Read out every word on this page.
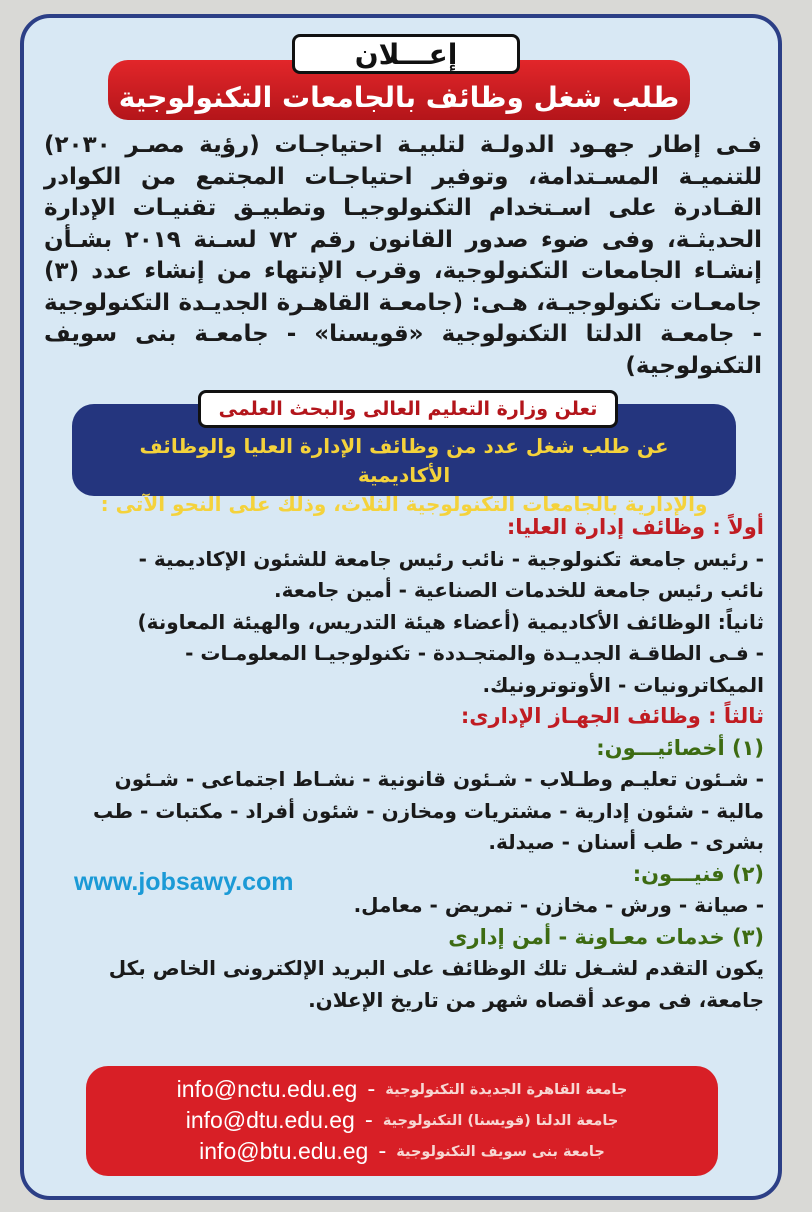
طلب شغل وظائف بالجامعات التكنولوجية
إعـــلان
فـى إطار جهـود الدولـة لتلبيـة احتياجـات (رؤية مصـر ٢٠٣٠) للتنميـة المسـتدامة، وتوفير احتياجـات المجتمع من الكوادر القـادرة على اسـتخدام التكنولوجيـا وتطبيـق تقنيـات الإدارة الحديثـة، وفى ضوء صدور القانون رقم ٧٢ لسـنة ٢٠١٩ بشـأن إنشـاء الجامعات التكنولوجية، وقرب الإنتهاء من إنشاء عدد (٣) جامعـات تكنولوجيـة، هـى: (جامعـة القاهـرة الجديـدة التكنولوجية - جامعـة الدلتا التكنولوجية «قويسنا» - جامعـة بنى سويف التكنولوجية)
عن طلب شغل عدد من وظائف الإدارة العليا والوظائف الأكاديمية
والإدارية بالجامعات التكنولوجية الثلاث، وذلك على النحو الآتى :
تعلن وزارة التعليم العالى والبحث العلمى
أولاً : وظائف إدارة العليا:
- رئيس جامعة تكنولوجية - نائب رئيس جامعة للشئون الإكاديمية -
نائب رئيس جامعة للخدمات الصناعية - أمين جامعة.
ثانياً: الوظائف الأكاديمية (أعضاء هيئة التدريس، والهيئة المعاونة)
- فـى الطاقـة الجديـدة والمتجـددة - تكنولوجيـا المعلومـات -
الميكاترونيات - الأوتوترونيك.
ثالثاً : وظائف الجهـاز الإدارى:
(١) أخصائيـــون:
- شـئون تعليـم وطـلاب - شـئون قانونية - نشـاط اجتماعى - شـئون
مالية - شئون إدارية - مشتريات ومخازن - شئون أفراد - مكتبات - طب
بشرى - طب أسنان - صيدلة.
(٢) فنيـــون:
- صيانة - ورش - مخازن - تمريض - معامل.
(٣) خدمات معـاونة - أمن إدارى
يكون التقدم لشـغل تلك الوظائف على البريد الإلكترونى الخاص بكل
جامعة، فى موعد أقصاه شهر من تاريخ الإعلان.
www.jobsawy.com
info@nctu.edu.eg - جامعة القاهرة الجديدة التكنولوجية
info@dtu.edu.eg - جامعة الدلتا (قويسنا) التكنولوجية
info@btu.edu.eg - جامعة بنى سويف التكنولوجية
